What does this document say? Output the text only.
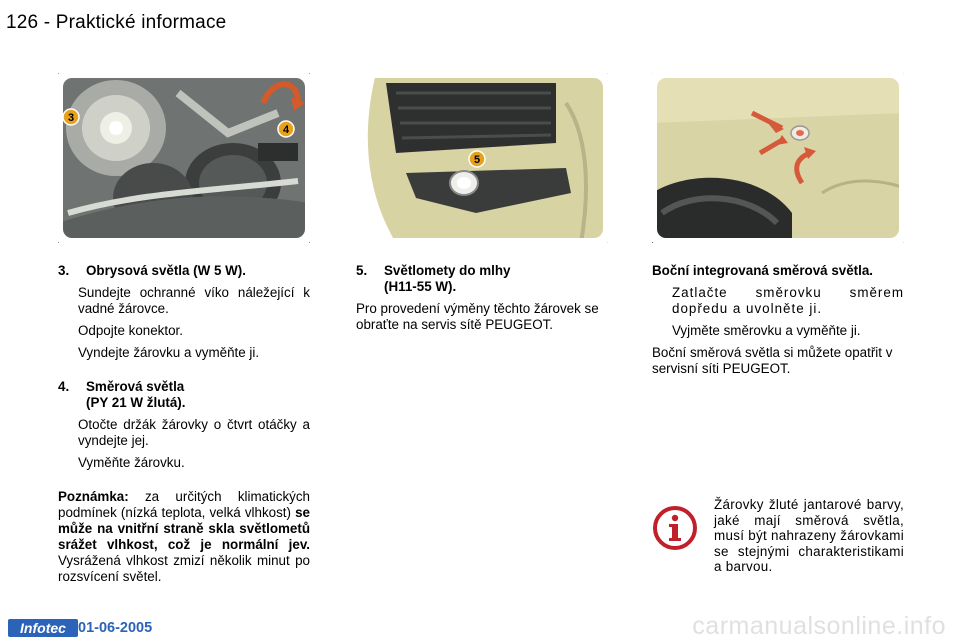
126 - Praktické informace
3
4
5
3.	Obrysová světla (W 5 W).
Sundejte ochranné víko náležející k vadné žárovce.
Odpojte konektor.
Vyndejte žárovku a vyměňte ji.
4.	Směrová světla
(PY 21 W žlutá).
Otočte držák žárovky o čtvrt otáčky a vyndejte jej.
Vyměňte žárovku.

Poznámka: za určitých klimatických podmínek (nízká teplota, velká vlhkost) se může na vnitřní straně skla světlometů srážet vlhkost, což je normální jev. Vysrážená vlhkost zmizí několik minut po rozsvícení světel.

5.	Světlomety do mlhy
(H11-55 W).

Pro provedení výměny těchto žárovek se obraťte na servis sítě PEUGEOT.

Boční integrovaná směrová světla.
Zatlačte směrovku směrem dopředu a uvolněte ji.
Vyjměte směrovku a vyměňte ji.

Boční směrová světla si můžete opatřit v servisní síti PEUGEOT.

Žárovky žluté jantarové barvy, jaké mají směrová světla, musí být nahrazeny žárovkami se stejnými charakteristikami a barvou.
Infotec 01-06-2005	carmanualsonline.info
